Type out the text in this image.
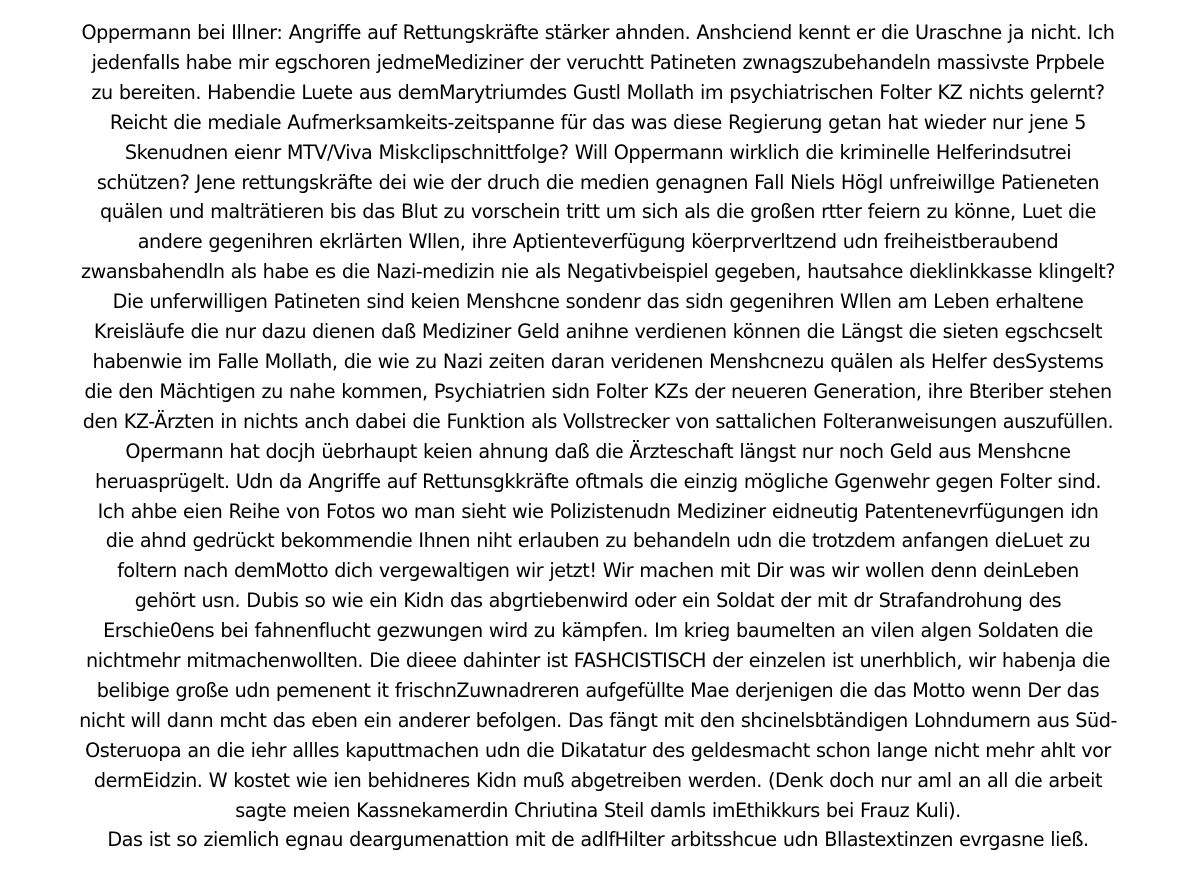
Oppermann bei Illner: Angriffe auf Rettungskräfte stärker ahnden. Anshciend kennt er die Uraschne ja nicht. Ich
jedenfalls habe mir egschoren jedmeMediziner der veruchtt Patineten zwnagszubehandeln massivste Prpbele
zu bereiten. Habendie Luete aus demMarytriumdes Gustl Mollath im psychiatrischen Folter KZ nichts gelernt?
Reicht die mediale Aufmerksamkeits-zeitspanne für das was diese Regierung getan hat wieder nur jene 5
Skenudnen eienr MTV/Viva Miskclipschnittfolge? Will Oppermann wirklich die kriminelle Helferindsutrei
schützen? Jene rettungskräfte dei wie der druch die medien genagnen Fall Niels Högl unfreiwillge Patieneten
quälen und malträtieren bis das Blut zu vorschein tritt um sich als die großen rtter feiern zu könne, Luet die
andere gegenihren ekrlärten Wllen, ihre Aptienteverfügung köerprverltzend udn freiheistberaubend
zwansbahendln als habe es die Nazi-medizin nie als Negativbeispiel gegeben, hautsahce dieklinkkasse klingelt?
Die unferwilligen Patineten sind keien Menshcne sondenr das sidn gegenihren Wllen am Leben erhaltene
Kreisläufe die nur dazu dienen daß Mediziner Geld anihne verdienen können die Längst die sieten egschcselt
habenwie im Falle Mollath, die wie zu Nazi zeiten daran veridenen Menshcnezu quälen als Helfer desSystems
die den Mächtigen zu nahe kommen, Psychiatrien sidn Folter KZs der neueren Generation, ihre Bteriber stehen
den KZ-Ärzten in nichts anch dabei die Funktion als Vollstrecker von sattalichen Folteranweisungen auszufüllen.
Opermann hat docjh üebrhaupt keien ahnung daß die Ärzteschaft längst nur noch Geld aus Menshcne
heruasprügelt. Udn da Angriffe auf Rettunsgkkräfte oftmals die einzig mögliche Ggenwehr gegen Folter sind.
Ich ahbe eien Reihe von Fotos wo man sieht wie Polizistenudn Mediziner eidneutig Patentenevrfügungen idn
die ahnd gedrückt bekommendie Ihnen niht erlauben zu behandeln udn die trotzdem anfangen dieLuet zu
foltern nach demMotto dich vergewaltigen wir jetzt! Wir machen mit Dir was wir wollen denn deinLeben
gehört usn. Dubis so wie ein Kidn das abgrtiebenwird oder ein Soldat der mit dr Strafandrohung des
Erschie0ens bei fahnenflucht gezwungen wird zu kämpfen. Im krieg baumelten an vilen algen Soldaten die
nichtmehr mitmachenwollten. Die dieee dahinter ist FASHCISTISCH der einzelen ist unerhblich, wir habenja die
belibige große udn pemenent it frischnZuwnadreren aufgefüllte Mae derjenigen die das Motto wenn Der das
nicht will dann mcht das eben ein anderer befolgen. Das fängt mit den shcinelsbtändigen Lohndumern aus Süd-
Osteruopa an die iehr allles kaputtmachen udn die Dikatatur des geldesmacht schon lange nicht mehr ahlt vor
dermEidzin. W kostet wie ien behidneres Kidn muß abgetreiben werden. (Denk doch nur aml an all die arbeit
sagte meien Kassnekamerdin Chriutina Steil damls imEthikkurs bei Frauz Kuli).
Das ist so ziemlich egnau deargumenattion mit de adlfHilter arbitsshcue udn Bllastextinzen evrgasne ließ.
